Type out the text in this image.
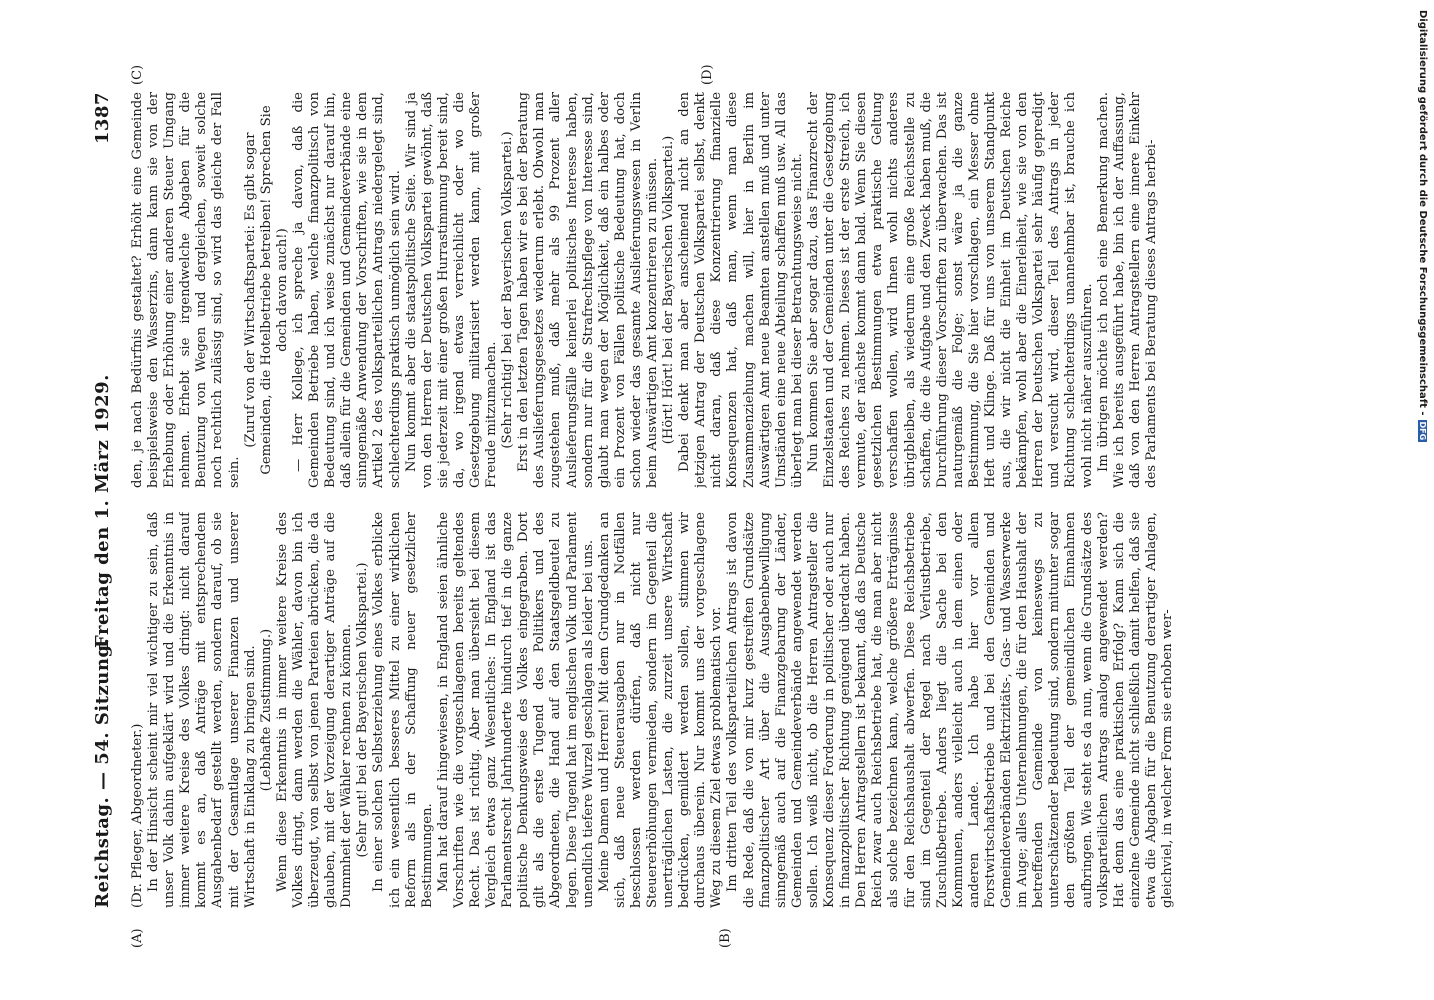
Reichstag. — 54. Sitzung.
Freitag den 1. März 1929.
1387

(Dr. Pfleger, Abgeordneter.) In der Hinsicht scheint mir viel wichtiger zu sein, daß unser Volk dahin aufgeklärt wird und die Erkenntnis in immer weitere Kreise des Volkes dringt: nicht darauf kommt es an, daß Anträge mit entsprechendem Ausgabenbedarf gestellt werden, sondern darauf, ob sie mit der Gesamtlage unserer Finanzen und unserer Wirtschaft in Einklang zu bringen sind. (Lebhafte Zustimmung.) Wenn diese Erkenntnis in immer weitere Kreise des Volkes dringt, dann werden die Wähler, davon bin ich überzeugt, von selbst von jenen Parteien abrücken, die da glauben, mit der Vorzeigung derartiger Anträge auf die Dummheit der Wähler rechnen zu können. (Sehr gut! bei der Bayerischen Volkspartei.) In einer solchen Selbsterziehung eines Volkes erblicke ich ein wesentlich besseres Mittel zu einer wirklichen Reform als in der Schaffung neuer gesetzlicher Bestimmungen. Man hat darauf hingewiesen, in England seien ähnliche Vorschriften wie die vorgeschlagenen bereits geltendes Recht. Das ist richtig. Aber man übersieht bei diesem Vergleich etwas ganz Wesentliches: In England ist das Parlamentsrecht Jahrhunderte hindurch tief in die ganze politische Denkungsweise des Volkes eingegraben. Dort gilt als die erste Tugend des Politikers und des Abgeordneten, die Hand auf den Staatsgeldbeutel zu legen. Diese Tugend hat im englischen Volk und Parlament unendlich tiefere Wurzel geschlagen als leider bei uns. Meine Damen und Herren! Mit dem Grundgedanken an sich, daß neue Steuerausgaben nur in Notfällen beschlossen werden dürfen, daß nicht nur Steuererhöhungen vermieden, sondern im Gegenteil die unerträglichen Lasten, die zurzeit unsere Wirtschaft bedrücken, gemildert werden sollen, stimmen wir durchaus überein. Nur kommt uns der vorgeschlagene Weg zu diesem Ziel etwas problematisch vor. Im dritten Teil des volksparteilichen Antrags ist davon die Rede, daß die von mir kurz gestreiften Grundsätze finanzpolitischer Art über die Ausgabenbewilligung sinngemäß auch auf die Finanzgebarung der Länder, Gemeinden und Gemeindeverbände angewendet werden sollen. Ich weiß nicht, ob die Herren Antragsteller die Konsequenz dieser Forderung in politischer oder auch nur in finanzpolitischer Richtung genügend überdacht haben. Den Herren Antragstellern ist bekannt, daß das Deutsche Reich zwar auch Reichsbetriebe hat, die man aber nicht als solche bezeichnen kann, welche größere Erträgnisse für den Reichshaushalt abwerfen. Diese Reichsbetriebe sind im Gegenteil der Regel nach Verlustbetriebe, Zuschußbetriebe. Anders liegt die Sache bei den Kommunen, anders vielleicht auch in dem einen oder anderen Lande. Ich habe hier vor allem Forstwirtschaftsbetriebe und bei den Gemeinden und Gemeindeverbänden Elektrizitäts-, Gas- und Wasserwerke im Auge; alles Unternehmungen, die für den Haushalt der betreffenden Gemeinde von keineswegs zu unterschätzender Bedeutung sind, sondern mitunter sogar den größten Teil der gemeindlichen Einnahmen aufbringen. Wie steht es da nun, wenn die Grundsätze des volksparteilichen Antrags analog angewendet werden? Hat denn das eine praktischen Erfolg? Kann sich die einzelne Gemeinde nicht schließlich damit helfen, daß sie etwa die Abgaben für die Benutzung derartiger Anlagen, gleichviel, in welcher Form sie erhoben wer-

den, je nach Bedürfnis gestaltet? Erhöht eine Gemeinde beispielsweise den Wasserzins, dann kann sie von der Erhebung oder Erhöhung einer anderen Steuer Umgang nehmen. Erhebt sie irgendwelche Abgaben für die Benutzung von Wegen und dergleichen, soweit solche noch rechtlich zulässig sind, so wird das gleiche der Fall sein.

(Zuruf von der Wirtschaftspartei: Es gibt sogar Gemeinden, die Hotelbetriebe betreiben! Sprechen Sie doch davon auch!) — Herr Kollege, ich spreche ja davon, daß die Gemeinden Betriebe haben, welche finanzpolitisch von Bedeutung sind, und ich weise zunächst nur darauf hin, daß allein für die Gemeinden und Gemeindeverbände eine sinngemäße Anwendung der Vorschriften, wie sie in dem Artikel 2 des volksparteilichen Antrags niedergelegt sind, schlechterdings praktisch unmöglich sein wird. Nun kommt aber die staatspolitische Seite. Wir sind ja von den Herren der Deutschen Volkspartei gewöhnt, daß sie jederzeit mit einer großen Hurrastimmung bereit sind, da, wo irgend etwas verreichlicht oder wo die Gesetzgebung militarisiert werden kann, mit großer Freude mitzumachen. (Sehr richtig! bei der Bayerischen Volkspartei.) Erst in den letzten Tagen haben wir es bei der Beratung des Auslieferungsgesetzes wiederum erlebt. Obwohl man zugestehen muß, daß mehr als 99 Prozent aller Auslieferungsfälle keinerlei politisches Interesse haben, sondern nur für die Strafrechtspflege von Interesse sind, glaubt man wegen der Möglichkeit, daß ein halbes oder ein Prozent von Fällen politische Bedeutung hat, doch schon wieder das gesamte Auslieferungswesen in Verlin beim Auswärtigen Amt konzentrieren zu müssen. (Hört! Hört! bei der Bayerischen Volkspartei.) Dabei denkt man aber anscheinend nicht an den jetzigen Antrag der Deutschen Volkspartei selbst, denkt nicht daran, daß diese Konzentrierung finanzielle Konsequenzen hat, daß man, wenn man diese Zusammenziehung machen will, hier in Berlin im Auswärtigen Amt neue Beamten anstellen muß und unter Umständen eine neue Abteilung schaffen muß usw. All das überlegt man bei dieser Betrachtungsweise nicht. Nun kommen Sie aber sogar dazu, das Finanzrecht der Einzelstaaten und der Gemeinden unter die Gesetzgebung des Reiches zu nehmen. Dieses ist der erste Streich, ich vermute, der nächste kommt dann bald. Wenn Sie diesen gesetzlichen Bestimmungen etwa praktische Geltung verschaffen wollen, wird Ihnen wohl nichts anderes übrigbleiben, als wiederum eine große Reichsstelle zu schaffen, die die Aufgabe und den Zweck haben muß, die Durchführung dieser Vorschriften zu überwachen. Das ist naturgemäß die Folge; sonst wäre ja die ganze Bestimmung, die Sie hier vorschlagen, ein Messer ohne Heft und Klinge. Daß für uns von unserem Standpunkt aus, die wir nicht die Einheit im Deutschen Reiche bekämpfen, wohl aber die Einerleiheit, wie sie von den Herren der Deutschen Volkspartei sehr häufig gepredigt und versucht wird, dieser Teil des Antrags in jeder Richtung schlechterdings unannehmbar ist, brauche ich wohl nicht näher auszuführen. Im übrigen möchte ich noch eine Bemerkung machen. Wie ich bereits ausgeführt habe, bin ich der Auffassung, daß von den Herren Antragstellern eine innere Einkehr des Parlaments bei Beratung dieses Antrags herbei-

(A)	(B)
(C)	(D)	Digitalisierung gefördert durch die Deutsche Forschungsgemeinschaft -DFG
